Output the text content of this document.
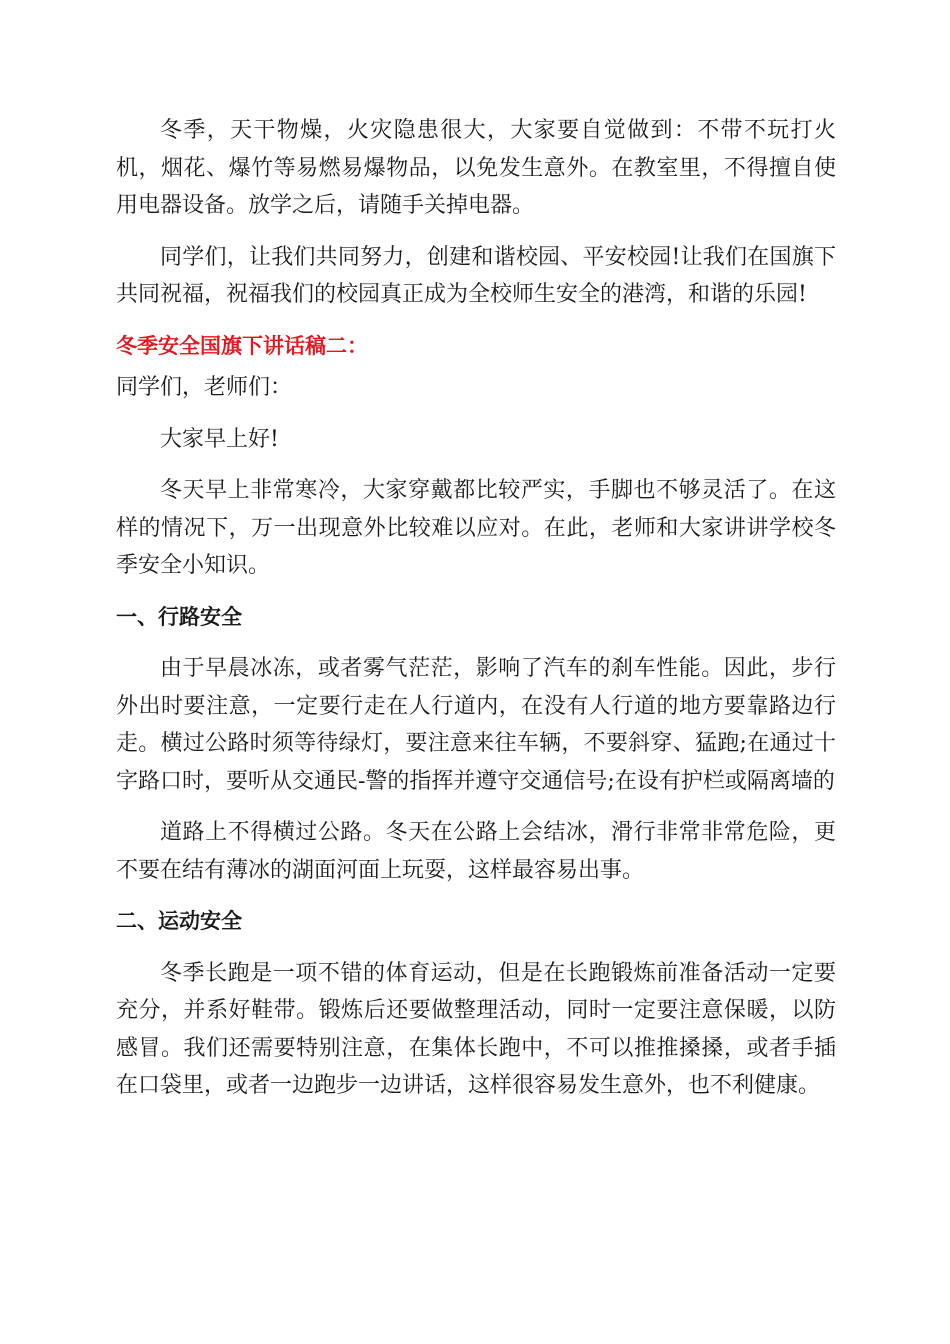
冬季，天干物燥，火灾隐患很大，大家要自觉做到：不带不玩打火机，烟花、爆竹等易燃易爆物品，以免发生意外。在教室里，不得擅自使用电器设备。放学之后，请随手关掉电器。

同学们，让我们共同努力，创建和谐校园、平安校园!让我们在国旗下共同祝福，祝福我们的校园真正成为全校师生安全的港湾，和谐的乐园!

冬季安全国旗下讲话稿二：

同学们，老师们：

大家早上好!

冬天早上非常寒冷，大家穿戴都比较严实，手脚也不够灵活了。在这样的情况下，万一出现意外比较难以应对。在此，老师和大家讲讲学校冬季安全小知识。

一、行路安全

由于早晨冰冻，或者雾气茫茫，影响了汽车的刹车性能。因此，步行外出时要注意，一定要行走在人行道内，在没有人行道的地方要靠路边行走。横过公路时须等待绿灯，要注意来往车辆，不要斜穿、猛跑;在通过十字路口时，要听从交通民-警的指挥并遵守交通信号;在设有护栏或隔离墙的

道路上不得横过公路。冬天在公路上会结冰，滑行非常非常危险，更不要在结有薄冰的湖面河面上玩耍，这样最容易出事。

二、运动安全

冬季长跑是一项不错的体育运动，但是在长跑锻炼前准备活动一定要充分，并系好鞋带。锻炼后还要做整理活动，同时一定要注意保暖，以防感冒。我们还需要特别注意，在集体长跑中，不可以推推搡搡，或者手插在口袋里，或者一边跑步一边讲话，这样很容易发生意外，也不利健康。
